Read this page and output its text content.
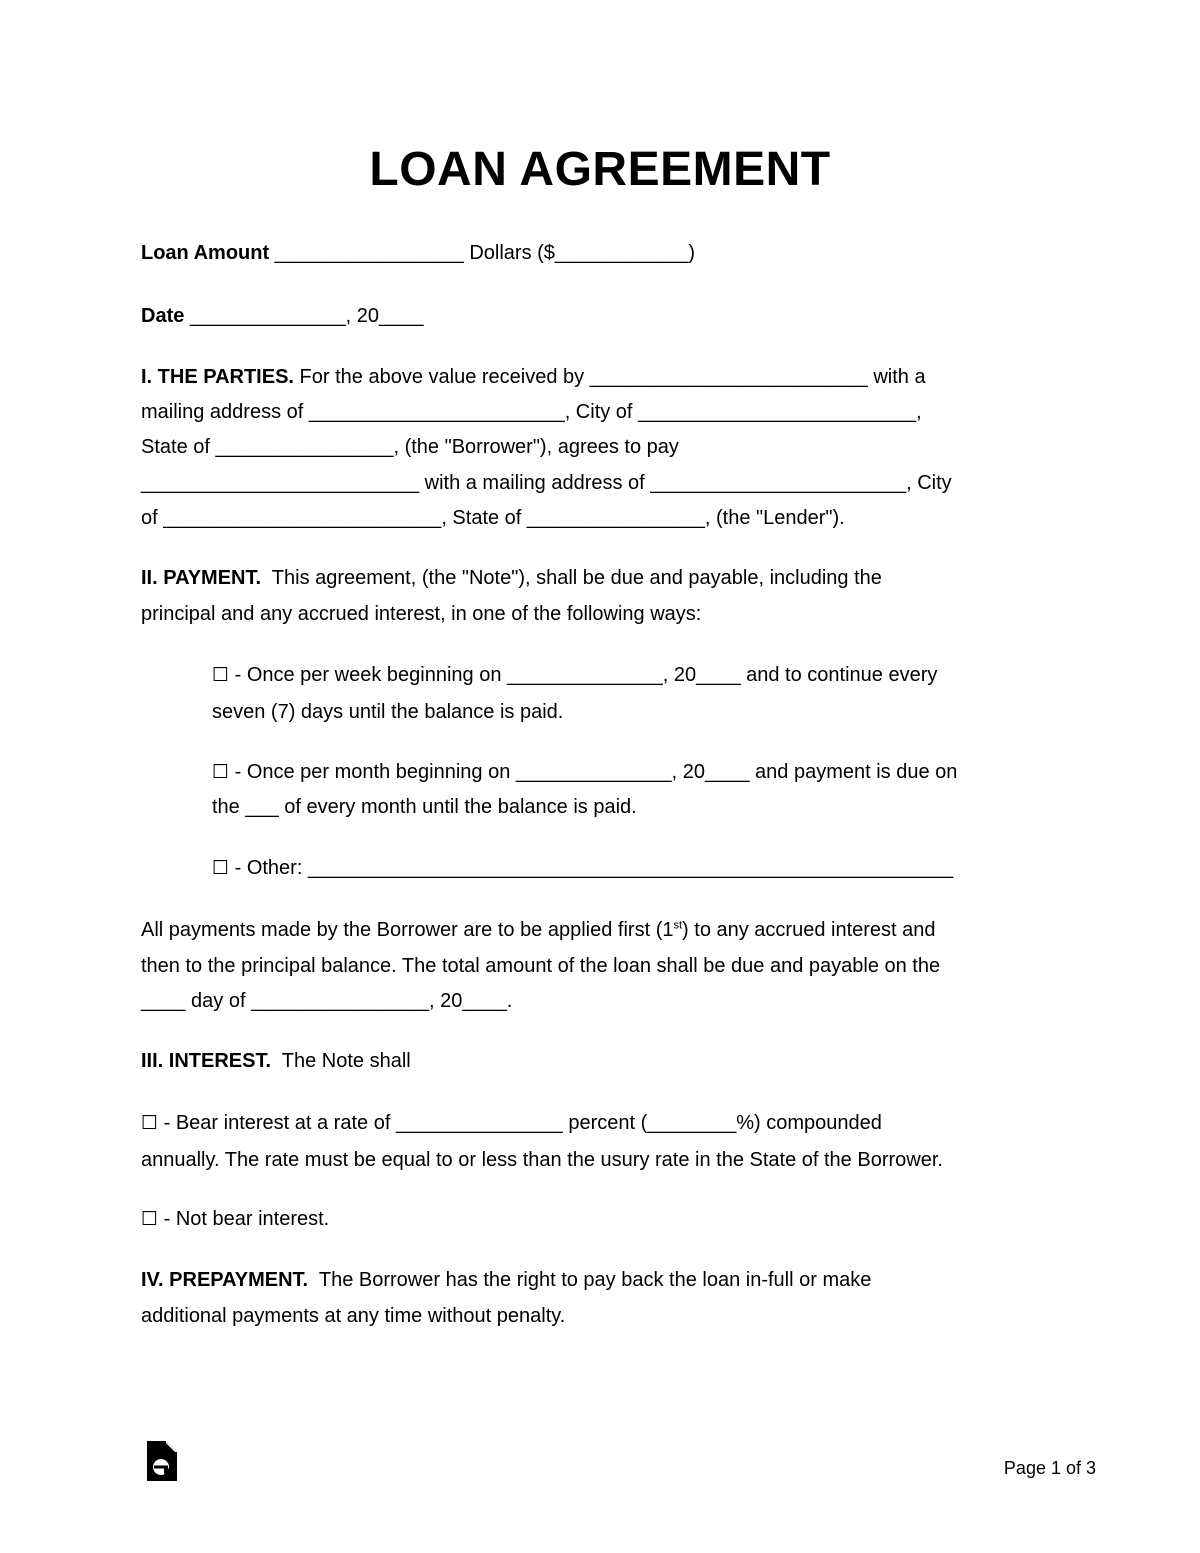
LOAN AGREEMENT
Loan Amount _________________ Dollars ($____________)
Date ______________, 20____
I. THE PARTIES. For the above value received by _________________________ with a
mailing address of _______________________, City of _________________________,
State of ________________, (the "Borrower"), agrees to pay
_________________________ with a mailing address of _______________________, City
of _________________________, State of ________________, (the "Lender").
II. PAYMENT.  This agreement, (the "Note"), shall be due and payable, including the
principal and any accrued interest, in one of the following ways:
☐ - Once per week beginning on ______________, 20____ and to continue every
seven (7) days until the balance is paid.
☐ - Once per month beginning on ______________, 20____ and payment is due on
the ___ of every month until the balance is paid.
☐ - Other: __________________________________________________________
All payments made by the Borrower are to be applied first (1st) to any accrued interest and
then to the principal balance. The total amount of the loan shall be due and payable on the
____ day of ________________, 20____.
III. INTEREST.  The Note shall
☐ - Bear interest at a rate of _______________ percent (________%) compounded
annually. The rate must be equal to or less than the usury rate in the State of the Borrower.
☐ - Not bear interest.
IV. PREPAYMENT.  The Borrower has the right to pay back the loan in-full or make
additional payments at any time without penalty.
Page 1 of 3
